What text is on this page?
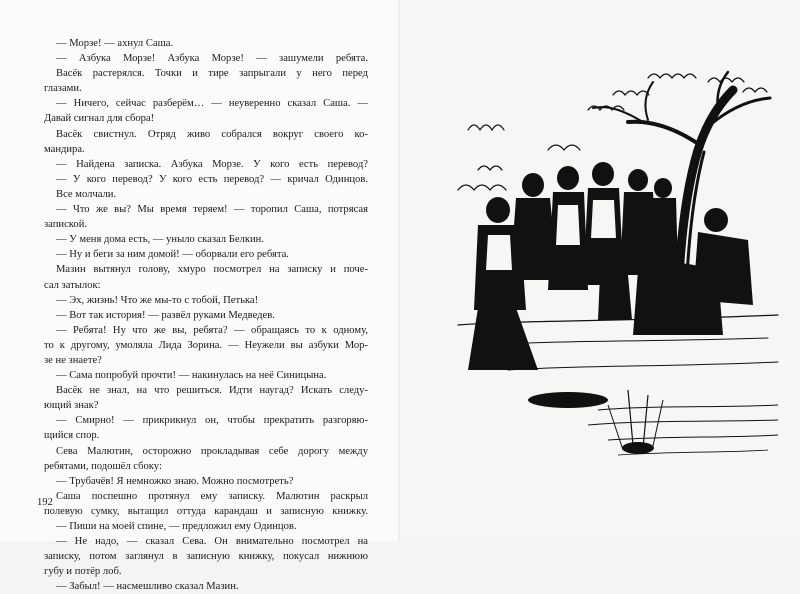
— Морзе! — ахнул Саша.
— Азбука Морзе! Азбука Морзе! — зашумели ребята.
Васёк растерялся. Точки и тире запрыгали у него перед
глазами.
— Ничего, сейчас разберём… — неуверенно сказал Саша. —
Давай сигнал для сбора!
Васёк свистнул. Отряд живо собрался вокруг своего ко-
мандира.
— Найдена записка. Азбука Морзе. У кого есть перевод?
— У кого перевод? У кого есть перевод? — кричал Одинцов.
Все молчали.
— Что же вы? Мы время теряем! — торопил Саша, потрясая
запиской.
— У меня дома есть, — уныло сказал Белкин.
— Ну и беги за ним домой! — оборвали его ребята.
Мазин вытянул голову, хмуро посмотрел на записку и поче-
сал затылок:
— Эх, жизнь! Что же мы-то с тобой, Петька!
— Вот так история! — развёл руками Медведев.
— Ребята! Ну что же вы, ребята? — обращаясь то к одному,
то к другому, умоляла Лида Зорина. — Неужели вы азбуки Мор-
зе не знаете?
— Сама попробуй прочти! — накинулась на неё Синицына.
Васёк не знал, на что решиться. Идти наугад? Искать следу-
ющий знак?
— Смирно! — прикрикнул он, чтобы прекратить разгоряю-
щийся спор.
Сева Малютин, осторожно прокладывая себе дорогу между
ребятами, подошёл сбоку:
— Трубачёв! Я немножко знаю. Можно посмотреть?
Саша поспешно протянул ему записку. Малютин раскрыл
полевую сумку, вытащил оттуда карандаш и записную книжку.
— Пиши на моей спине, — предложил ему Одинцов.
— Не надо, — сказал Сева. Он внимательно посмотрел на
записку, потом заглянул в записную книжку, покусал нижнюю
губу и потёр лоб.
— Забыл! — насмешливо сказал Мазин.
192
